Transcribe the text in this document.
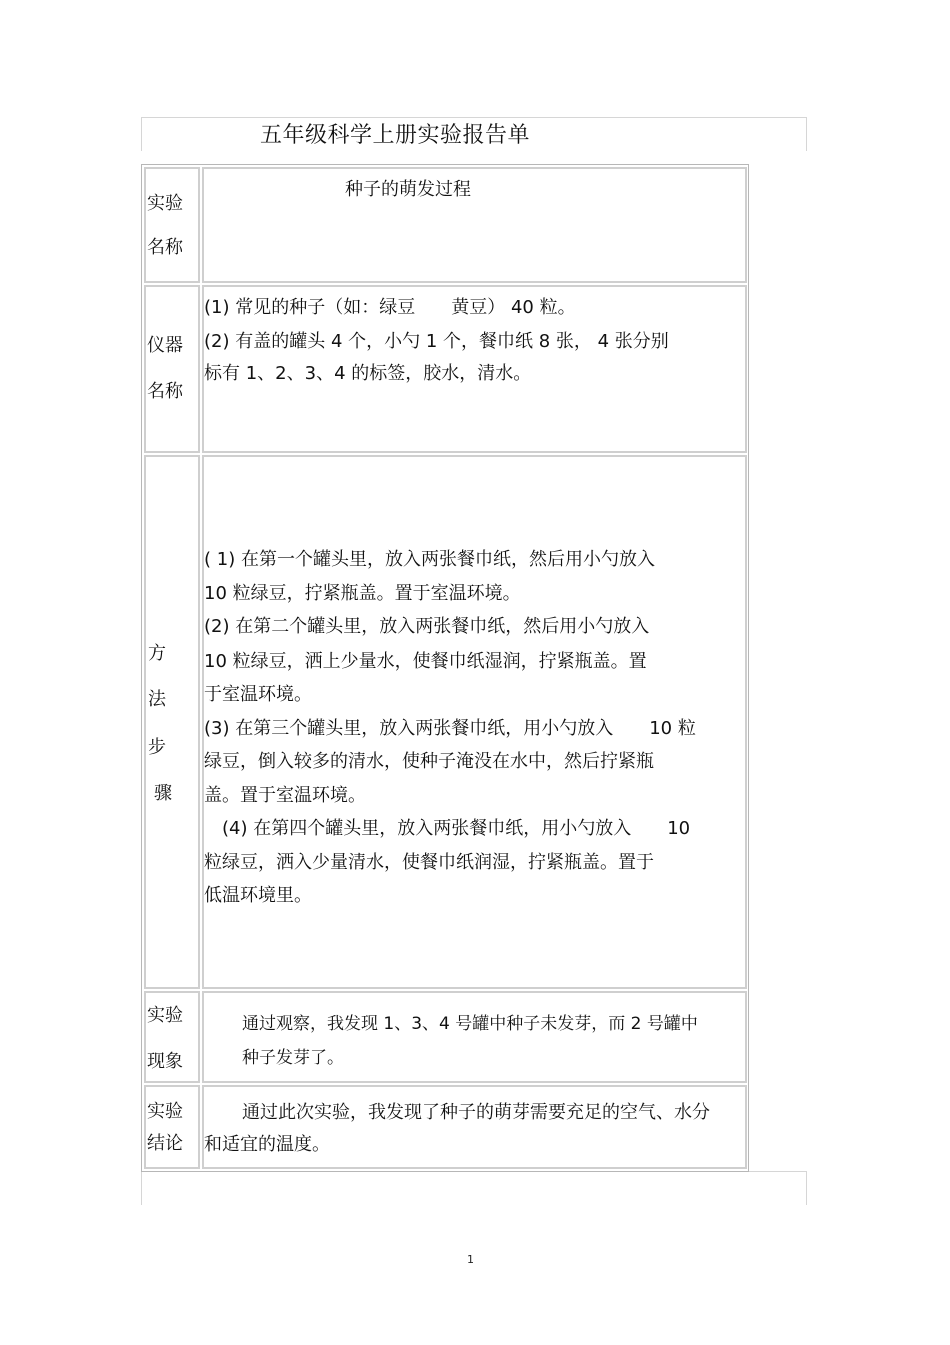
五年级科学上册实验报告单
实验
名称
种子的萌发过程
仪器
名称
(1) 常见的种子（如：绿豆　　黄豆） 40 粒。
(2) 有盖的罐头 4 个，小勺 1 个，餐巾纸 8 张， 4 张分别
标有 1、2、3、4 的标签，胶水，清水。
方
法
步
骤
( 1) 在第一个罐头里，放入两张餐巾纸，然后用小勺放入
10 粒绿豆，拧紧瓶盖。置于室温环境。
(2) 在第二个罐头里，放入两张餐巾纸，然后用小勺放入
10 粒绿豆，洒上少量水，使餐巾纸湿润，拧紧瓶盖。置
于室温环境。
(3) 在第三个罐头里，放入两张餐巾纸，用小勺放入　　10 粒
绿豆，倒入较多的清水，使种子淹没在水中，然后拧紧瓶
盖。置于室温环境。
　(4) 在第四个罐头里，放入两张餐巾纸，用小勺放入　　10
粒绿豆，洒入少量清水，使餐巾纸润湿，拧紧瓶盖。置于
低温环境里。
实验
现象
通过观察，我发现 1、3、4 号罐中种子未发芽，而 2 号罐中
种子发芽了。
实验
结论
通过此次实验，我发现了种子的萌芽需要充足的空气、水分
和适宜的温度。
1
